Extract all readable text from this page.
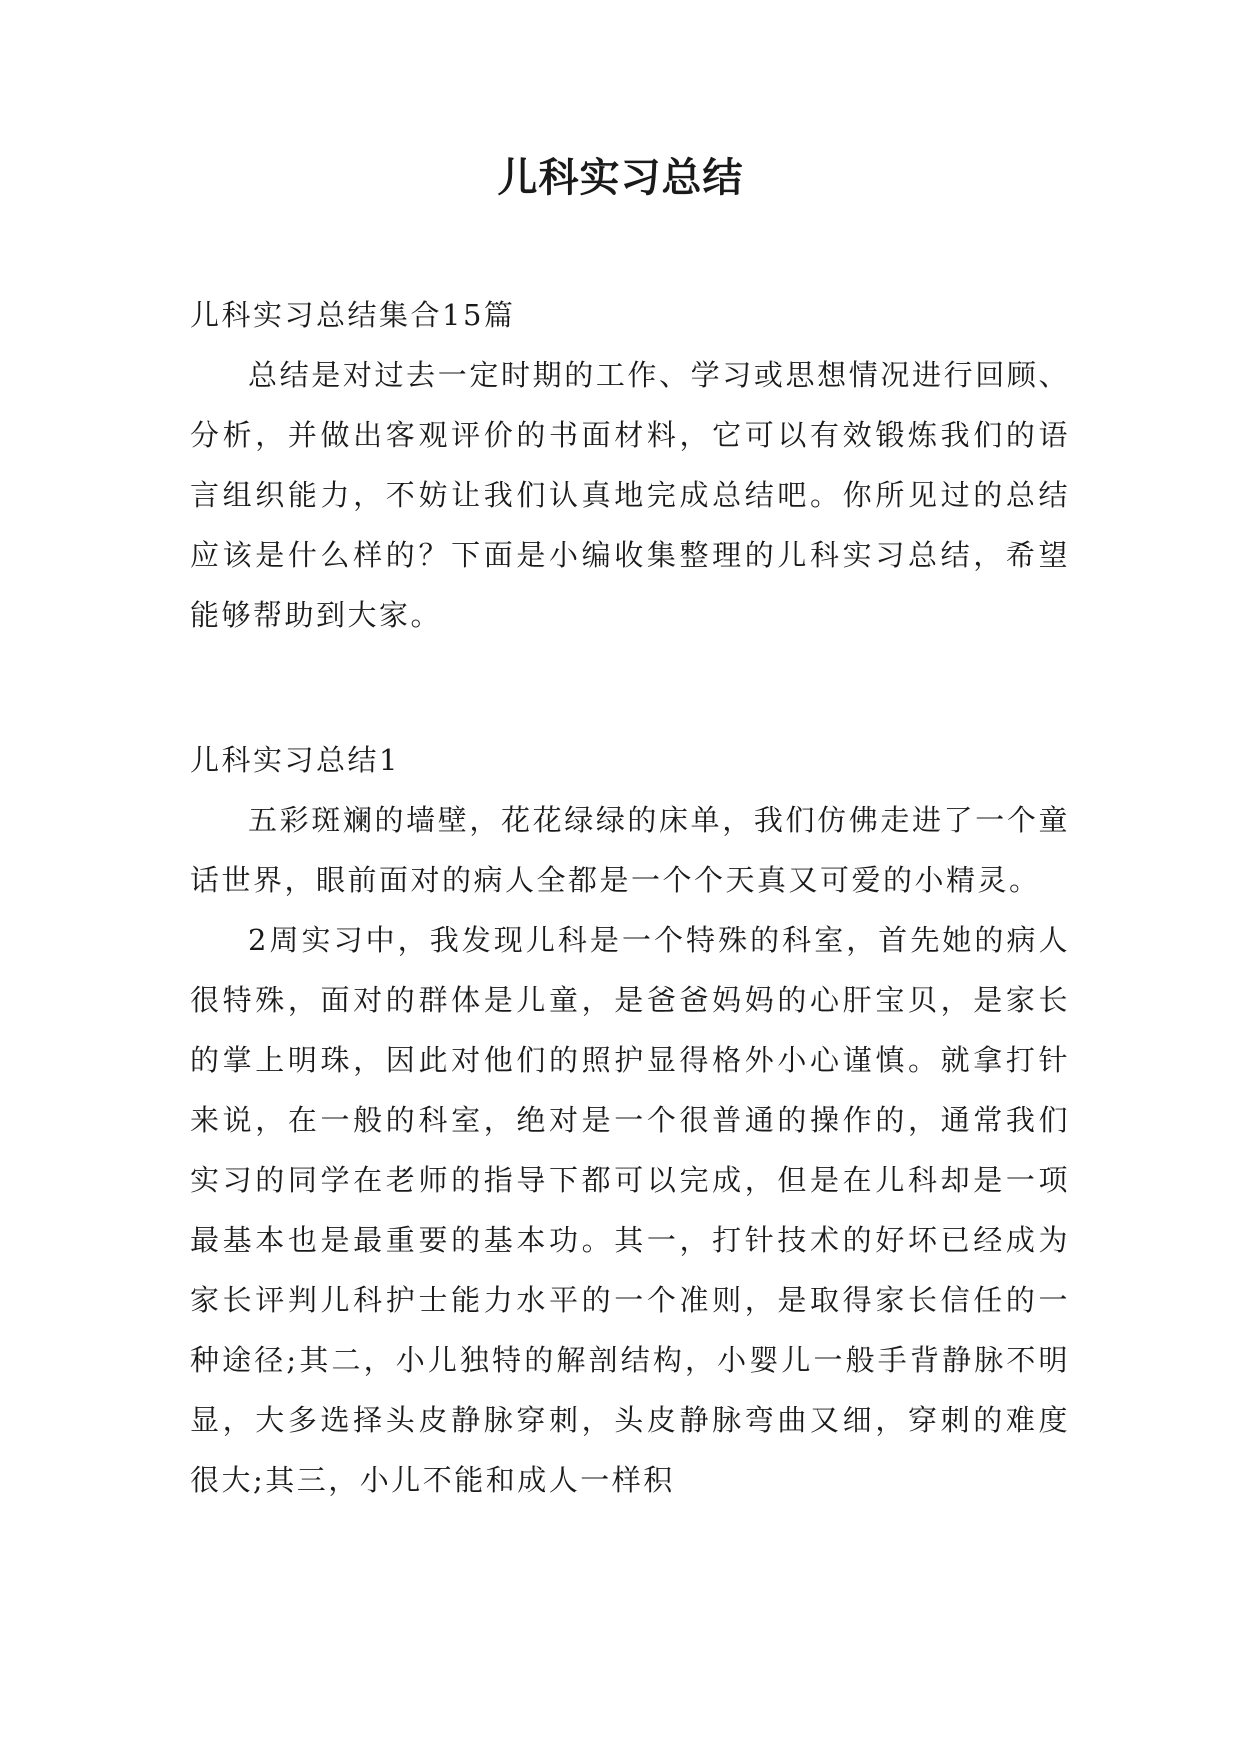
儿科实习总结

儿科实习总结集合15篇

总结是对过去一定时期的工作、学习或思想情况进行回顾、分析，并做出客观评价的书面材料，它可以有效锻炼我们的语言组织能力，不妨让我们认真地完成总结吧。你所见过的总结应该是什么样的？下面是小编收集整理的儿科实习总结，希望能够帮助到大家。

儿科实习总结1

五彩斑斓的墙壁，花花绿绿的床单，我们仿佛走进了一个童话世界，眼前面对的病人全都是一个个天真又可爱的小精灵。

2周实习中，我发现儿科是一个特殊的科室，首先她的病人很特殊，面对的群体是儿童，是爸爸妈妈的心肝宝贝，是家长的掌上明珠，因此对他们的照护显得格外小心谨慎。就拿打针来说，在一般的科室，绝对是一个很普通的操作的，通常我们实习的同学在老师的指导下都可以完成，但是在儿科却是一项最基本也是最重要的基本功。其一，打针技术的好坏已经成为家长评判儿科护士能力水平的一个准则，是取得家长信任的一种途径;其二，小儿独特的解剖结构，小婴儿一般手背静脉不明显，大多选择头皮静脉穿刺，头皮静脉弯曲又细，穿刺的难度很大;其三，小儿不能和成人一样积
